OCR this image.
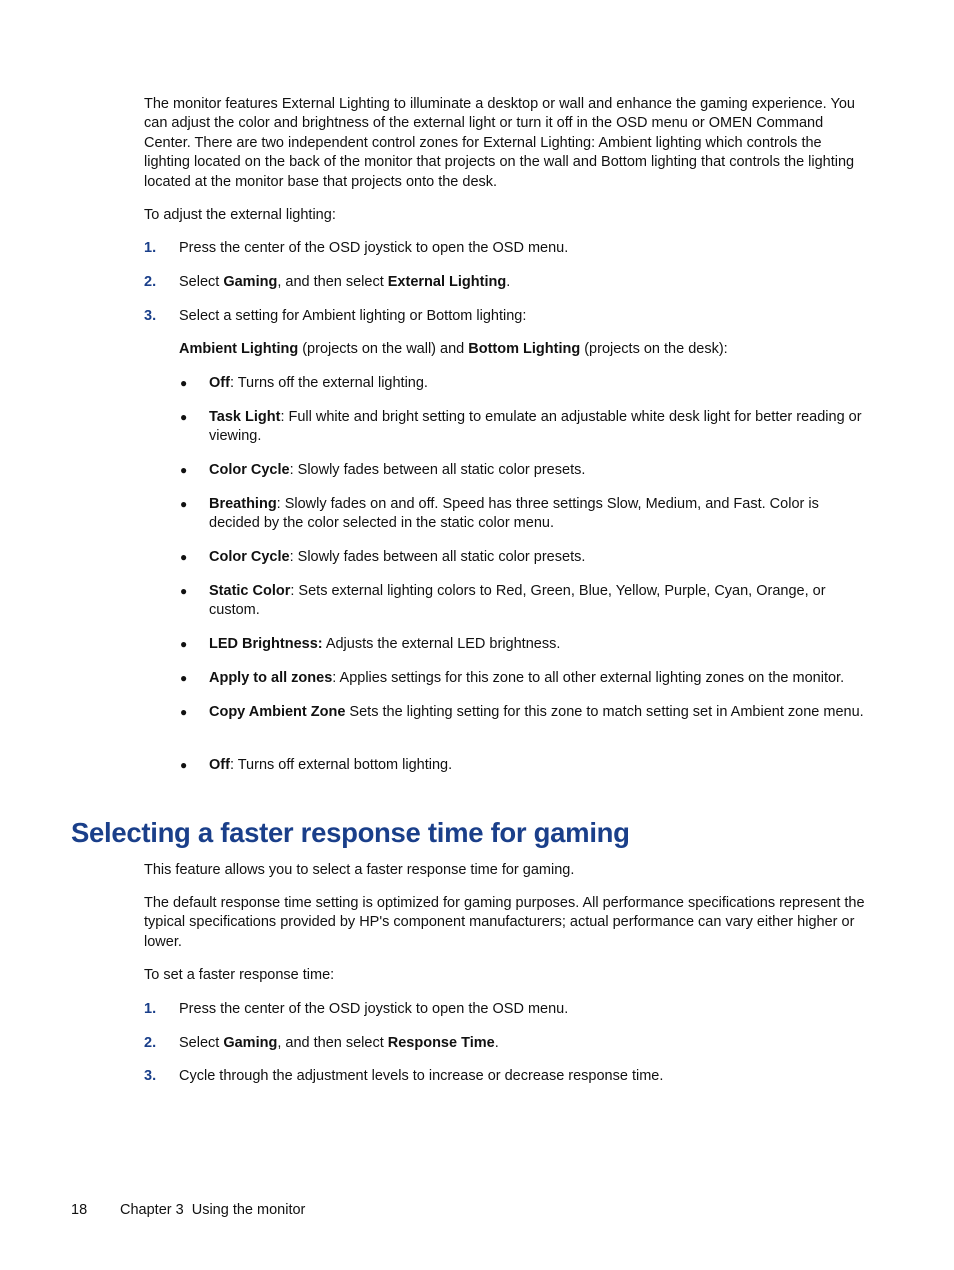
The monitor features External Lighting to illuminate a desktop or wall and enhance the gaming experience. You can adjust the color and brightness of the external light or turn it off in the OSD menu or OMEN Command Center. There are two independent control zones for External Lighting: Ambient lighting which controls the lighting located on the back of the monitor that projects on the wall and Bottom lighting that controls the lighting located at the monitor base that projects onto the desk.

To adjust the external lighting:

1.	Press the center of the OSD joystick to open the OSD menu.
2.	Select Gaming, and then select External Lighting.
3.	Select a setting for Ambient lighting or Bottom lighting:

Ambient Lighting (projects on the wall) and Bottom Lighting (projects on the desk):

●	Off: Turns off the external lighting.
●	Task Light: Full white and bright setting to emulate an adjustable white desk light for better reading or viewing.
●	Color Cycle: Slowly fades between all static color presets.
●	Breathing: Slowly fades on and off. Speed has three settings Slow, Medium, and Fast. Color is decided by the color selected in the static color menu.
●	Color Cycle: Slowly fades between all static color presets.
●	Static Color: Sets external lighting colors to Red, Green, Blue, Yellow, Purple, Cyan, Orange, or custom.
●	LED Brightness: Adjusts the external LED brightness.
●	Apply to all zones: Applies settings for this zone to all other external lighting zones on the monitor.
●	Copy Ambient Zone Sets the lighting setting for this zone to match setting set in Ambient zone menu.
●	Off: Turns off external bottom lighting.
Selecting a faster response time for gaming

This feature allows you to select a faster response time for gaming.

The default response time setting is optimized for gaming purposes. All performance specifications represent the typical specifications provided by HP's component manufacturers; actual performance can vary either higher or lower.

To set a faster response time:

1.	Press the center of the OSD joystick to open the OSD menu.
2.	Select Gaming, and then select Response Time.
3.	Cycle through the adjustment levels to increase or decrease response time.
18	Chapter 3  Using the monitor
